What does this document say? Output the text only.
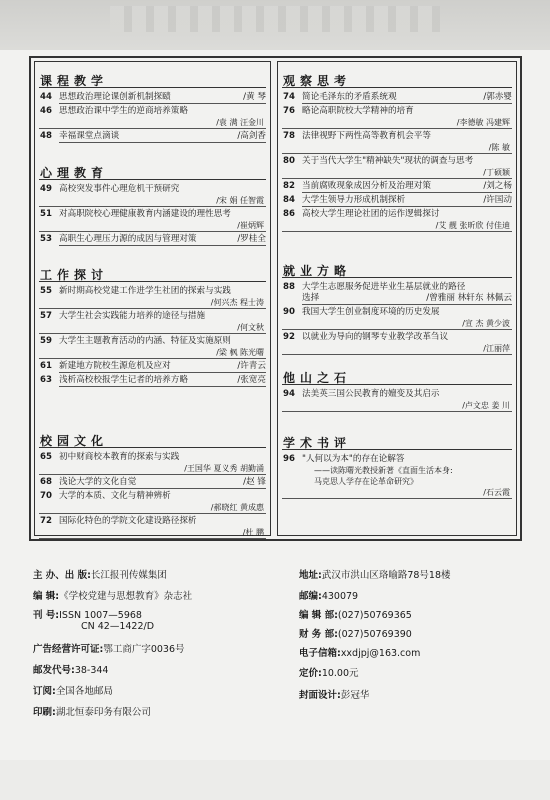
课程教学
44 思想政治理论课创新机制探赜	/黄 琴
46 思想政治课中学生的逆商培养策略
/袁 满 汪金川
48 幸福课堂点滴谈	/高剑香
心理教育
49 高校突发事件心理危机干预研究
/宋 娟 任智霞
51 对高职院校心理健康教育内涵建设的理性思考
/崔炳辉
53 高职生心理压力源的成因与管理对策	/罗桂全
工作探讨
55 新时期高校党建工作进学生社团的探索与实践
/何兴杰 程士涛
57 大学生社会实践能力培养的途径与措施
/何文秋
59 大学生主题教育活动的内涵、特征及实施原则
/梁 枫 陈光曙
61 新建地方院校生源危机及应对	/许青云
63 浅析高校校报学生记者的培养方略	/张宽亮
校园文化
65 初中财商校本教育的探索与实践
/王国华 夏义秀 胡勤涌
68 浅论大学的文化自觉	/赵 锋
70 大学的本质、文化与精神辨析
/郝晓红 黄成惠
72 国际化特色的学院文化建设路径探析
/杜 鹏
观察思考
74 简论毛泽东的矛盾系统观	/郭赤婴
76 略论高职院校大学精神的培育
/李德敏 冯建辉
78 法律视野下两性高等教育机会平等
/陈 敏
80 关于当代大学生"精神缺失"现状的调查与思考
/丁硕颖
82 当前腐败现象成因分析及治理对策	/刘之杨
84 大学生领导力形成机制探析	/许国动
86 高校大学生理论社团的运作逻辑探讨
/艾 靓 张昕欣 付佳迪
就业方略
88 大学生志愿服务促进毕业生基层就业的路径
选择	/曾雅丽 林轩东 林佩云
90 我国大学生创业制度环境的历史发展
/宣 杰 黄少波
92 以就业为导向的钢琴专业教学改革刍议
/江丽萍
他山之石
94 法美英三国公民教育的嬗变及其启示
/卢文忠 姜 川
学术书评
96 "人何以为本"的存在论解答
——读陈曙光教授新著《直面生活本身:
马克思人学存在论革命研究》
/石云霞
主 办、出 版:长江报刊传媒集团
编 辑:《学校党建与思想教育》杂志社
刊 号:ISSN 1007—5968
CN 42—1422/D
广告经营许可证:鄂工商广字0036号
邮发代号:38-344
订阅:全国各地邮局
印刷:湖北恒泰印务有限公司
地址:武汉市洪山区珞喻路78号18楼
邮编:430079
编 辑 部:(027)50769365
财 务 部:(027)50769390
电子信箱:xxdjpj@163.com
定价:10.00元
封面设计:彭冠华
